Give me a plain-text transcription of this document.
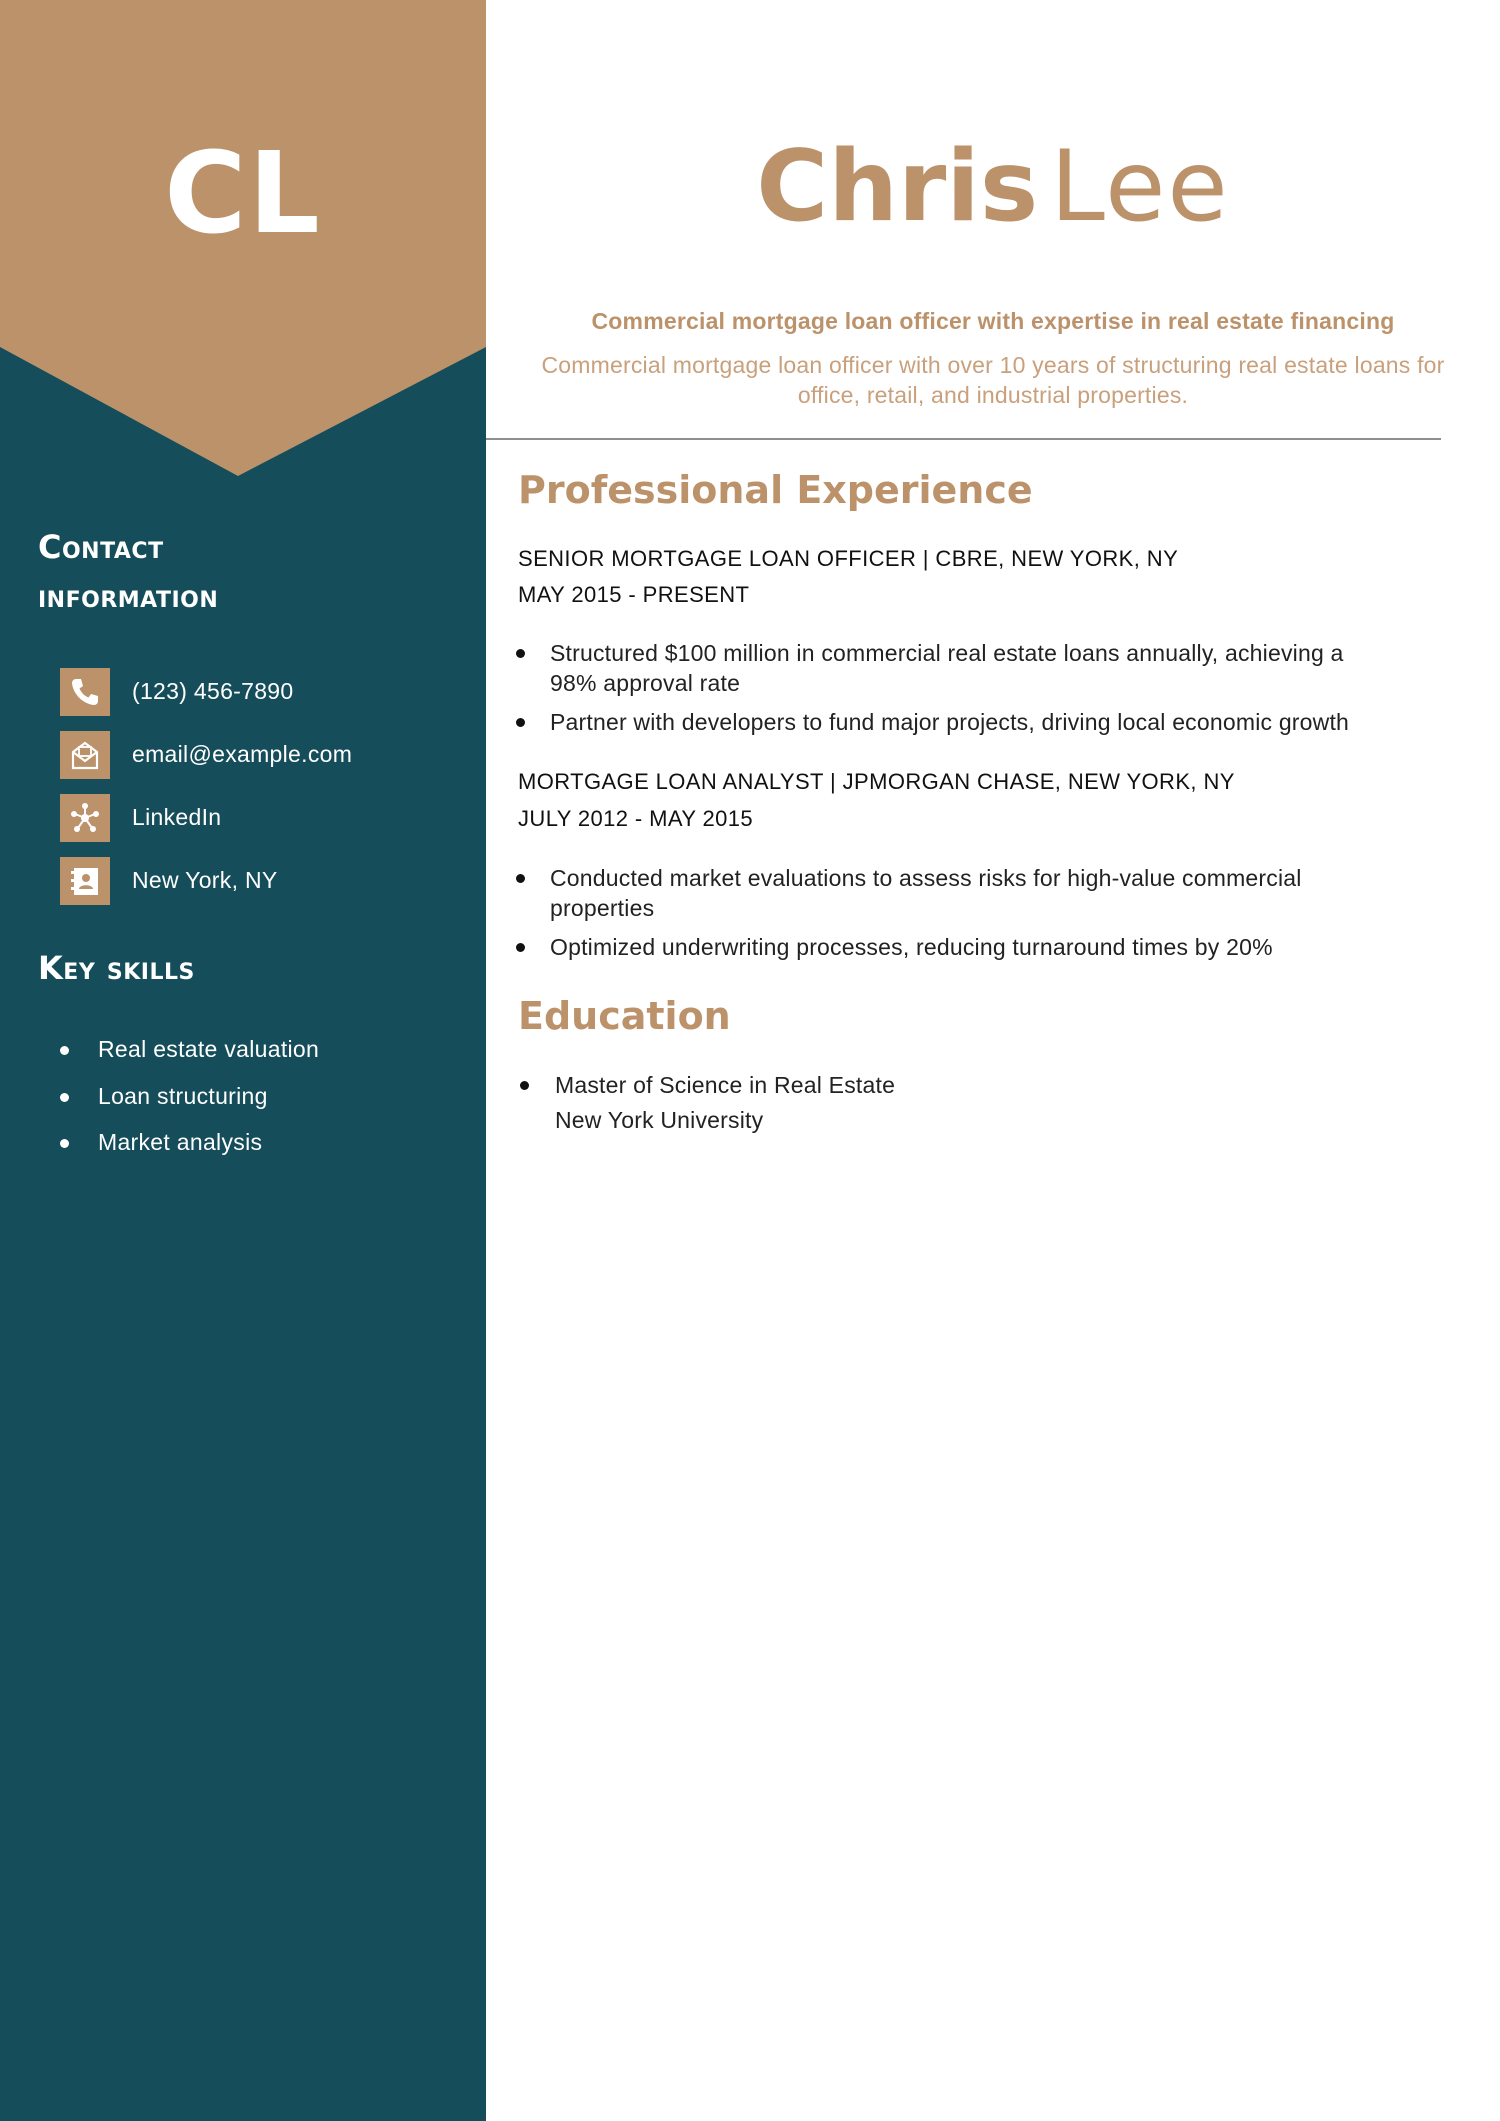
CL
Contact
information
(123) 456-7890
email@example.com
LinkedIn
New York, NY
Key skills
Real estate valuation
Loan structuring
Market analysis
Chris Lee
Commercial mortgage loan officer with expertise in real estate financing
Commercial mortgage loan officer with over 10 years of structuring real estate loans for office, retail, and industrial properties.
Professional Experience
SENIOR MORTGAGE LOAN OFFICER | CBRE, NEW YORK, NY
MAY 2015 - PRESENT
Structured $100 million in commercial real estate loans annually, achieving a 98% approval rate
Partner with developers to fund major projects, driving local economic growth
MORTGAGE LOAN ANALYST | JPMORGAN CHASE, NEW YORK, NY
JULY 2012 - MAY 2015
Conducted market evaluations to assess risks for high-value commercial properties
Optimized underwriting processes, reducing turnaround times by 20%
Education
Master of Science in Real Estate
New York University
